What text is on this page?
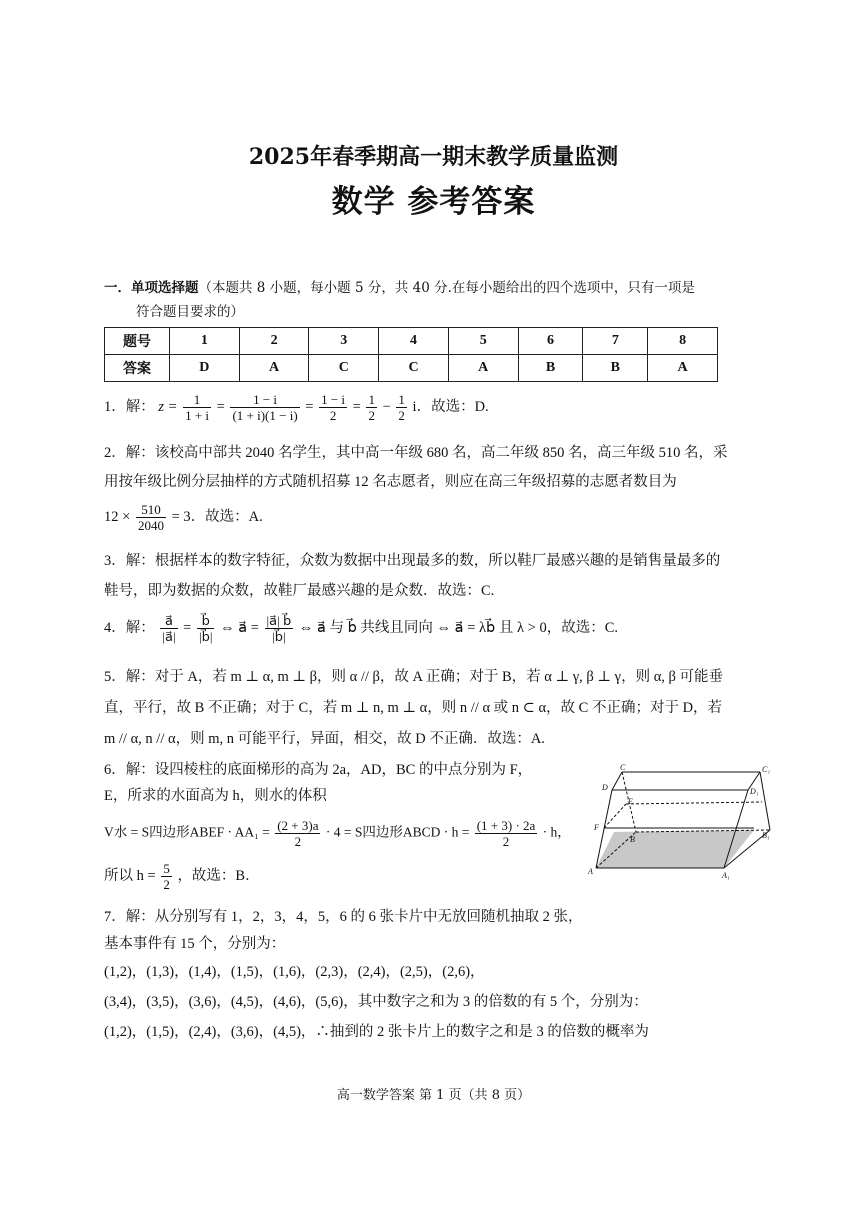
2025年春季期高一期末教学质量监测
数学 参考答案
一．单项选择题（本题共 8 小题，每小题 5 分，共 40 分.在每小题给出的四个选项中，只有一项是
符合题目要求的）
题号	1	2	3	4	5	6	7	8
答案	D	A	C	C	A	B	B	A
1．解： $z = \frac{1}{1 + i} = \frac{1 - i}{(1 + i)(1 - i)} = \frac{1 - i}{2} = \frac{1}{2} - \frac{1}{2}$ i．故选：D.
2．解：该校高中部共 2040 名学生，其中高一年级 680 名，高二年级 850 名，高三年级 510 名，采
用按年级比例分层抽样的方式随机招募 12 名志愿者，则应在高三年级招募的志愿者数目为
$12 \times \frac{510}{2040} = 3$．故选：A.
3．解：根据样本的数字特征，众数为数据中出现最多的数，所以鞋厂最感兴趣的是销售量最多的
鞋号，即为数据的众数，故鞋厂最感兴趣的是众数．故选：C.
4．解： $\frac{a⃗}{|a⃗|} = \frac{b⃗}{|b⃗|}$ ⇔ a⃗ = $\frac{|a⃗| b⃗}{|b⃗|}$ ⇔ a⃗ 与 b⃗ 共线且同向 ⇔ a⃗ = λb⃗ 且 λ > 0，故选：C.
5．解：对于 A，若 m ⊥ α, m ⊥ β，则 α // β，故 A 正确；对于 B，若 α ⊥ γ, β ⊥ γ，则 α, β 可能垂
直，平行，故 B 不正确；对于 C，若 m ⊥ n, m ⊥ α，则 n // α 或 n ⊂ α，故 C 不正确；对于 D，若
m // α, n // α，则 m, n 可能平行，异面，相交，故 D 不正确．故选：A.
6．解：设四棱柱的底面梯形的高为 2a，AD，BC 的中点分别为 F，
E，所求的水面高为 h，则水的体积
V水 = S四边形ABEF · $AA_1 = \frac{(2 + 3)a}{2} \cdot 4 = S$四边形ABCD · $h = \frac{(1 + 3) \cdot 2a}{2} \cdot h$，
所以 $h = \frac{5}{2}$ ，故选：B．
C	C₁
D	D₁
E
F
B	B₁
A	A₁
7．解：从分别写有 1，2，3，4，5，6 的 6 张卡片中无放回随机抽取 2 张，
基本事件有 15 个，分别为：
(1,2)，(1,3)，(1,4)，(1,5)，(1,6)，(2,3)，(2,4)，(2,5)，(2,6)，
(3,4)，(3,5)，(3,6)，(4,5)，(4,6)，(5,6)，其中数字之和为 3 的倍数的有 5 个，分别为：
(1,2)，(1,5)，(2,4)，(3,6)，(4,5)，∴抽到的 2 张卡片上的数字之和是 3 的倍数的概率为
高一数学答案 第 1 页（共 8 页）
